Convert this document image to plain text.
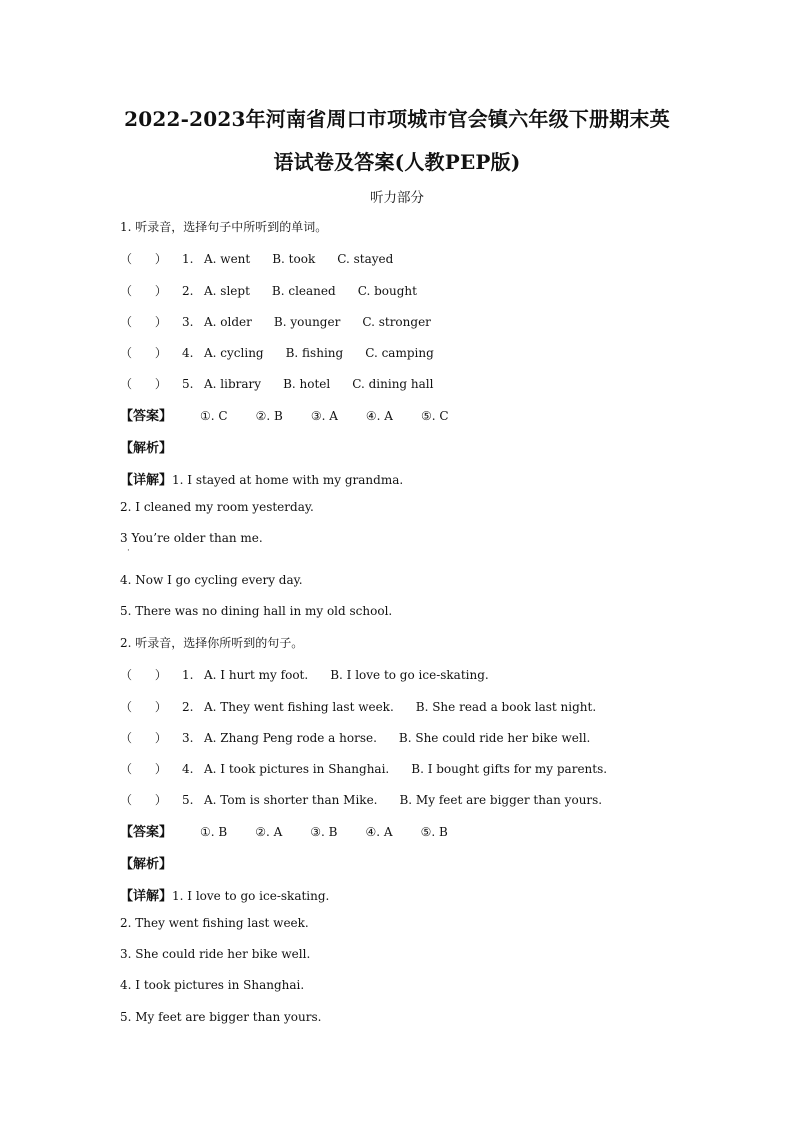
2022-2023年河南省周口市项城市官会镇六年级下册期末英
语试卷及答案(人教PEP版)
听力部分
1. 听录音，选择句子中所听到的单词。
（      ） 1. A. went B. took C. stayed
（      ） 2. A. slept B. cleaned C. bought
（      ） 3. A. older B. younger C. stronger
（      ） 4. A. cycling B. fishing C. camping
（      ） 5. A. library B. hotel C. dining hall
【答案】 ①. C ②. B ③. A ④. A ⑤. C
【解析】
【详解】1. I stayed at home with my grandma.
2. I cleaned my room yesterday.
3 You’re older than me.
·
4. Now I go cycling every day.
5. There was no dining hall in my old school.
2. 听录音，选择你所听到的句子。
（      ） 1. A. I hurt my foot. B. I love to go ice-skating.
（      ） 2. A. They went fishing last week. B. She read a book last night.
（      ） 3. A. Zhang Peng rode a horse. B. She could ride her bike well.
（      ） 4. A. I took pictures in Shanghai. B. I bought gifts for my parents.
（      ） 5. A. Tom is shorter than Mike. B. My feet are bigger than yours.
【答案】 ①. B ②. A ③. B ④. A ⑤. B
【解析】
【详解】1. I love to go ice-skating.
2. They went fishing last week.
3. She could ride her bike well.
4. I took pictures in Shanghai.
5. My feet are bigger than yours.
